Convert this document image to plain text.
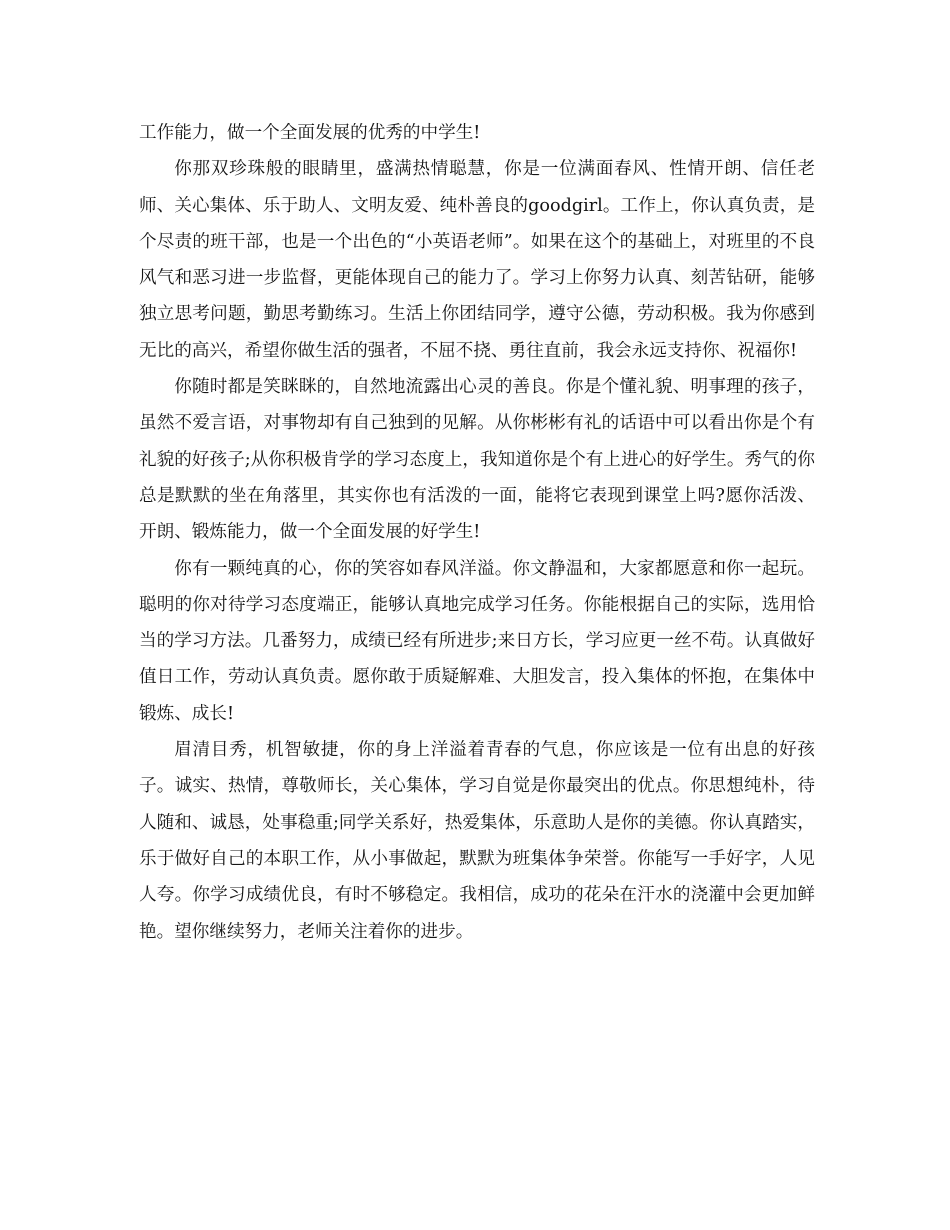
工作能力，做一个全面发展的优秀的中学生!

你那双珍珠般的眼睛里，盛满热情聪慧，你是一位满面春风、性情开朗、信任老师、关心集体、乐于助人、文明友爱、纯朴善良的goodgirl。工作上，你认真负责，是个尽责的班干部，也是一个出色的“小英语老师”。如果在这个的基础上，对班里的不良风气和恶习进一步监督，更能体现自己的能力了。学习上你努力认真、刻苦钻研，能够独立思考问题，勤思考勤练习。生活上你团结同学，遵守公德，劳动积极。我为你感到无比的高兴，希望你做生活的强者，不屈不挠、勇往直前，我会永远支持你、祝福你!

你随时都是笑眯眯的，自然地流露出心灵的善良。你是个懂礼貌、明事理的孩子，虽然不爱言语，对事物却有自己独到的见解。从你彬彬有礼的话语中可以看出你是个有礼貌的好孩子;从你积极肯学的学习态度上，我知道你是个有上进心的好学生。秀气的你总是默默的坐在角落里，其实你也有活泼的一面，能将它表现到课堂上吗?愿你活泼、开朗、锻炼能力，做一个全面发展的好学生!

你有一颗纯真的心，你的笑容如春风洋溢。你文静温和，大家都愿意和你一起玩。聪明的你对待学习态度端正，能够认真地完成学习任务。你能根据自己的实际，选用恰当的学习方法。几番努力，成绩已经有所进步;来日方长，学习应更一丝不苟。认真做好值日工作，劳动认真负责。愿你敢于质疑解难、大胆发言，投入集体的怀抱，在集体中锻炼、成长!

眉清目秀，机智敏捷，你的身上洋溢着青春的气息，你应该是一位有出息的好孩子。诚实、热情，尊敬师长，关心集体，学习自觉是你最突出的优点。你思想纯朴，待人随和、诚恳，处事稳重;同学关系好，热爱集体，乐意助人是你的美德。你认真踏实，乐于做好自己的本职工作，从小事做起，默默为班集体争荣誉。你能写一手好字，人见人夸。你学习成绩优良，有时不够稳定。我相信，成功的花朵在汗水的浇灌中会更加鲜艳。望你继续努力，老师关注着你的进步。
